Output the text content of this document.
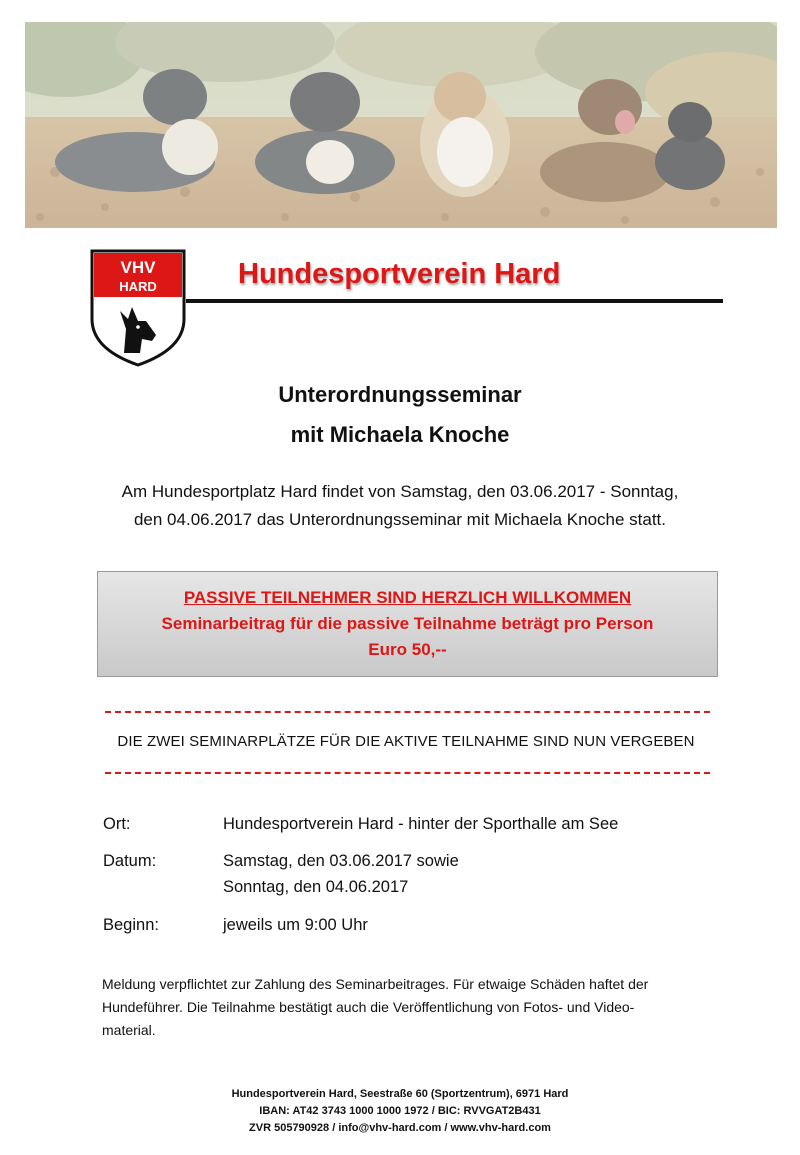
VHV
HARD	Hundesportverein Hard
Unterordnungsseminar
mit Michaela Knoche

Am Hundesportplatz Hard findet von Samstag, den 03.06.2017 - Sonntag,
den 04.06.2017 das Unterordnungsseminar mit Michaela Knoche statt.

PASSIVE TEILNEHMER SIND HERZLICH WILLKOMMEN
Seminarbeitrag für die passive Teilnahme beträgt pro Person
Euro 50,--
DIE ZWEI SEMINARPLÄTZE FÜR DIE AKTIVE TEILNAHME SIND NUN VERGEBEN

Ort:	Hundesportverein Hard - hinter der Sporthalle am See

Datum:	Samstag, den 03.06.2017 sowie

Sonntag, den 04.06.2017

Beginn:	jeweils um 9:00 Uhr

Meldung verpflichtet zur Zahlung des Seminarbeitrages. Für etwaige Schäden haftet der
Hundeführer. Die Teilnahme bestätigt auch die Veröffentlichung von Fotos- und Video-
material.

Hundesportverein Hard, Seestraße 60 (Sportzentrum), 6971 Hard

IBAN: AT42 3743 1000 1000 1972 / BIC: RVVGAT2B431

ZVR 505790928 / info@vhv-hard.com / www.vhv-hard.com
